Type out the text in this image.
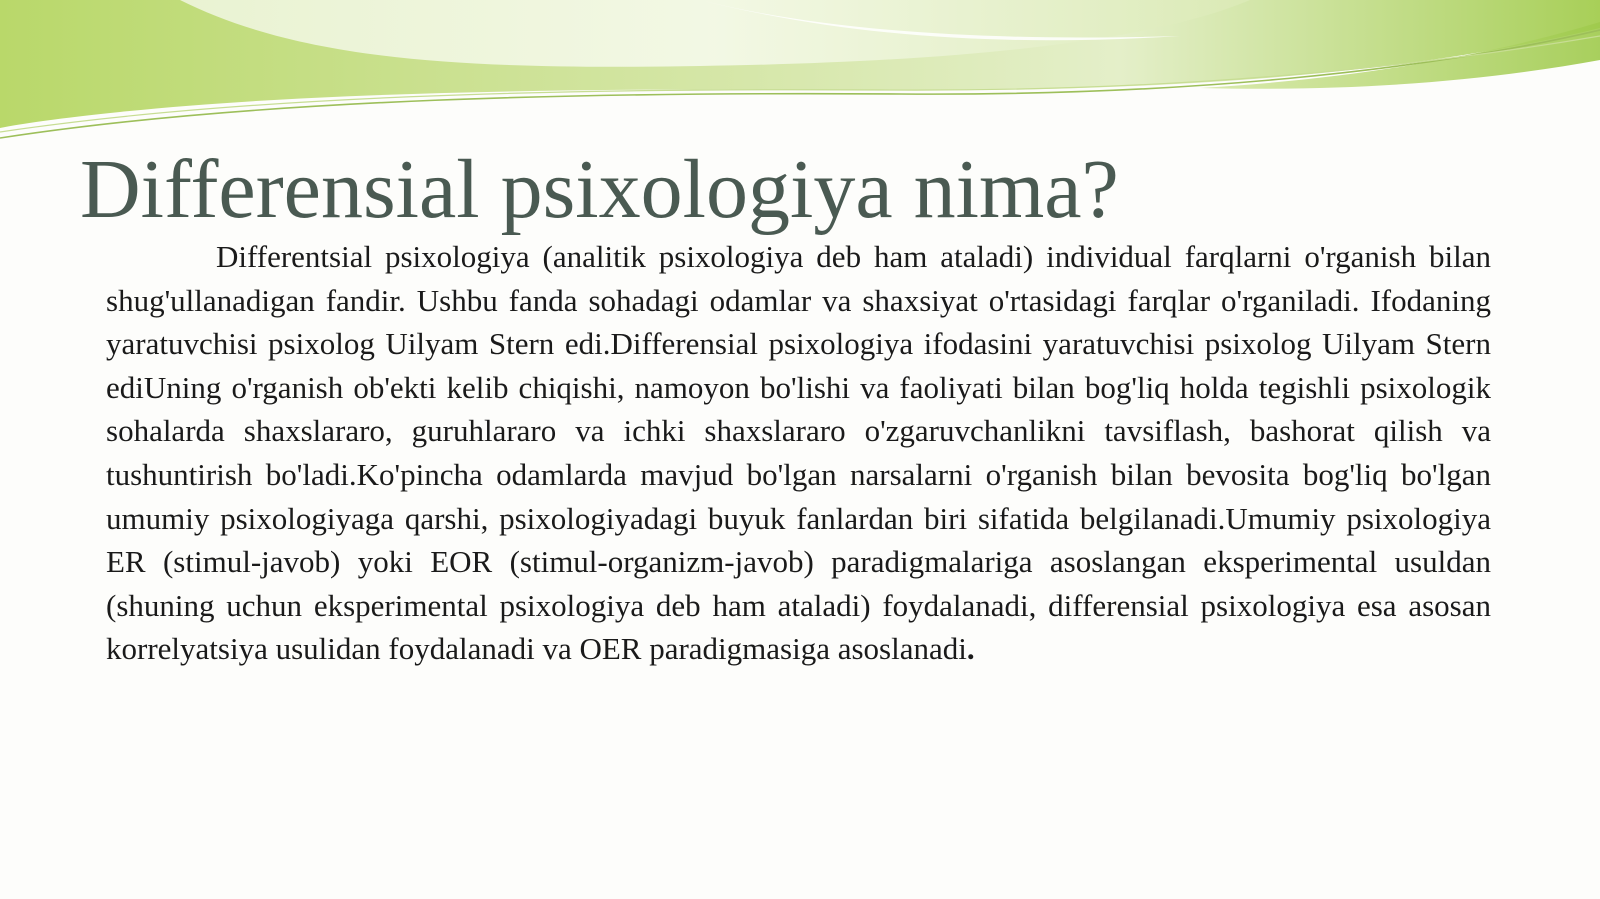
Differensial psixologiya nima?

Differentsial psixologiya (analitik psixologiya deb ham ataladi) individual farqlarni o'rganish bilan shug'ullanadigan fandir. Ushbu fanda sohadagi odamlar va shaxsiyat o'rtasidagi farqlar o'rganiladi. Ifodaning yaratuvchisi psixolog Uilyam Stern edi.Differensial psixologiya ifodasini yaratuvchisi psixolog Uilyam Stern ediUning o'rganish ob'ekti kelib chiqishi, namoyon bo'lishi va faoliyati bilan bog'liq holda tegishli psixologik sohalarda shaxslararo, guruhlararo va ichki shaxslararo o'zgaruvchanlikni tavsiflash, bashorat qilish va tushuntirish bo'ladi.Ko'pincha odamlarda mavjud bo'lgan narsalarni o'rganish bilan bevosita bog'liq bo'lgan umumiy psixologiyaga qarshi, psixologiyadagi buyuk fanlardan biri sifatida belgilanadi.Umumiy psixologiya ER (stimul-javob) yoki EOR (stimul-organizm-javob) paradigmalariga asoslangan eksperimental usuldan (shuning uchun eksperimental psixologiya deb ham ataladi) foydalanadi, differensial psixologiya esa asosan korrelyatsiya usulidan foydalanadi va OER paradigmasiga asoslanadi.
